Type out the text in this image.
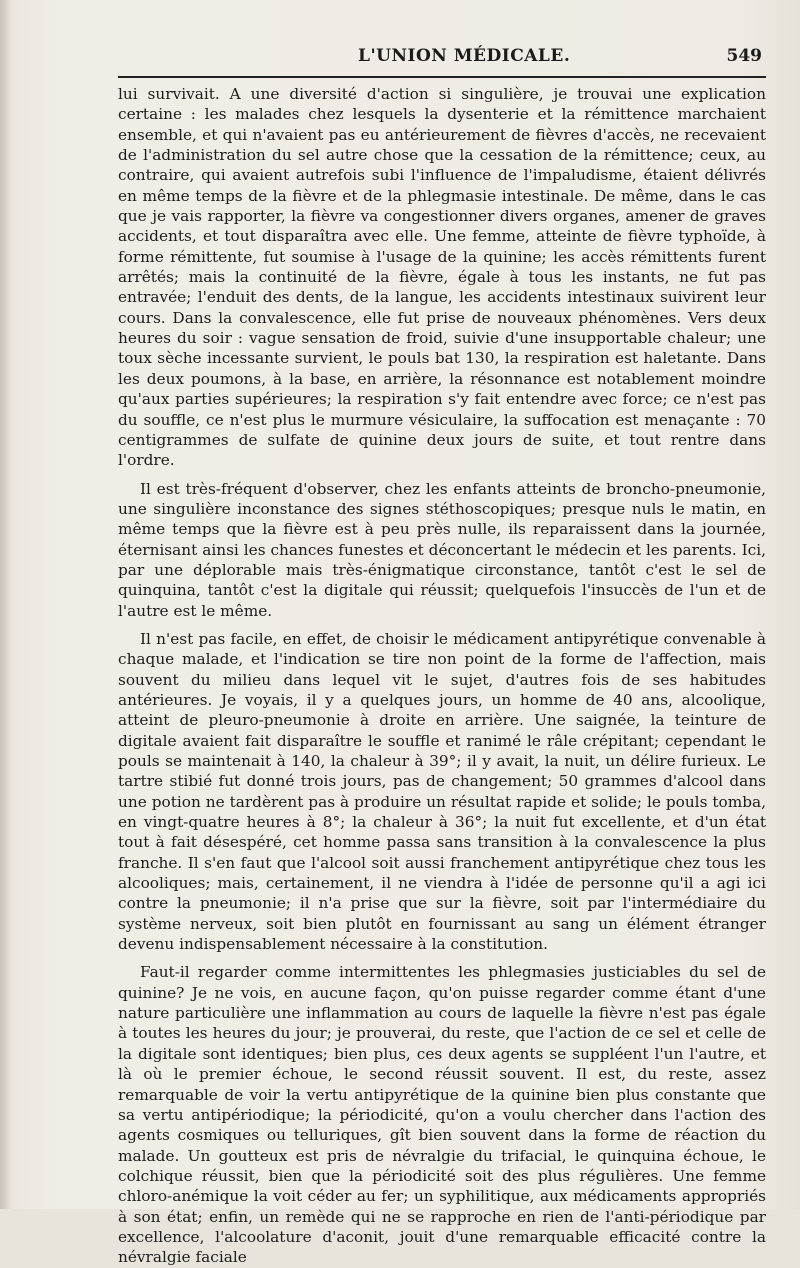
L'UNION MÉDICALE.	549

lui survivait. A une diversité d'action si singulière, je trouvai une explication certaine : les malades chez lesquels la dysenterie et la rémittence marchaient ensemble, et qui n'avaient pas eu antérieurement de fièvres d'accès, ne recevaient de l'administration du sel autre chose que la cessation de la rémittence; ceux, au contraire, qui avaient autrefois subi l'influence de l'impaludisme, étaient délivrés en même temps de la fièvre et de la phlegmasie intestinale. De même, dans le cas que je vais rapporter, la fièvre va congestionner divers organes, amener de graves accidents, et tout disparaîtra avec elle. Une femme, atteinte de fièvre typhoïde, à forme rémittente, fut soumise à l'usage de la quinine; les accès rémittents furent arrêtés; mais la continuité de la fièvre, égale à tous les instants, ne fut pas entravée; l'enduit des dents, de la langue, les accidents intestinaux suivirent leur cours. Dans la convalescence, elle fut prise de nouveaux phénomènes. Vers deux heures du soir : vague sensation de froid, suivie d'une insupportable chaleur; une toux sèche incessante survient, le pouls bat 130, la respiration est haletante. Dans les deux poumons, à la base, en arrière, la résonnance est notablement moindre qu'aux parties supérieures; la respiration s'y fait entendre avec force; ce n'est pas du souffle, ce n'est plus le murmure vésiculaire, la suffocation est menaçante : 70 centigrammes de sulfate de quinine deux jours de suite, et tout rentre dans l'ordre.

Il est très-fréquent d'observer, chez les enfants atteints de broncho-pneumonie, une singulière inconstance des signes stéthoscopiques; presque nuls le matin, en même temps que la fièvre est à peu près nulle, ils reparaissent dans la journée, éternisant ainsi les chances funestes et déconcertant le médecin et les parents. Ici, par une déplorable mais très-énigmatique circonstance, tantôt c'est le sel de quinquina, tantôt c'est la digitale qui réussit; quelquefois l'insuccès de l'un et de l'autre est le même.

Il n'est pas facile, en effet, de choisir le médicament antipyrétique convenable à chaque malade, et l'indication se tire non point de la forme de l'affection, mais souvent du milieu dans lequel vit le sujet, d'autres fois de ses habitudes antérieures. Je voyais, il y a quelques jours, un homme de 40 ans, alcoolique, atteint de pleuro-pneumonie à droite en arrière. Une saignée, la teinture de digitale avaient fait disparaître le souffle et ranimé le râle crépitant; cependant le pouls se maintenait à 140, la chaleur à 39°; il y avait, la nuit, un délire furieux. Le tartre stibié fut donné trois jours, pas de changement; 50 grammes d'alcool dans une potion ne tardèrent pas à produire un résultat rapide et solide; le pouls tomba, en vingt-quatre heures à 8°; la chaleur à 36°; la nuit fut excellente, et d'un état tout à fait désespéré, cet homme passa sans transition à la convalescence la plus franche. Il s'en faut que l'alcool soit aussi franchement antipyrétique chez tous les alcooliques; mais, certainement, il ne viendra à l'idée de personne qu'il a agi ici contre la pneumonie; il n'a prise que sur la fièvre, soit par l'intermédiaire du système nerveux, soit bien plutôt en fournissant au sang un élément étranger devenu indispensablement nécessaire à la constitution.

Faut-il regarder comme intermittentes les phlegmasies justiciables du sel de quinine? Je ne vois, en aucune façon, qu'on puisse regarder comme étant d'une nature particulière une inflammation au cours de laquelle la fièvre n'est pas égale à toutes les heures du jour; je prouverai, du reste, que l'action de ce sel et celle de la digitale sont identiques; bien plus, ces deux agents se suppléent l'un l'autre, et là où le premier échoue, le second réussit souvent. Il est, du reste, assez remarquable de voir la vertu antipyrétique de la quinine bien plus constante que sa vertu antipériodique; la périodicité, qu'on a voulu chercher dans l'action des agents cosmiques ou telluriques, gît bien souvent dans la forme de réaction du malade. Un goutteux est pris de névralgie du trifacial, le quinquina échoue, le colchique réussit, bien que la périodicité soit des plus régulières. Une femme chloro-anémique la voit céder au fer; un syphilitique, aux médicaments appropriés à son état; enfin, un remède qui ne se rapproche en rien de l'anti-périodique par excellence, l'alcoolature d'aconit, jouit d'une remarquable efficacité contre la névralgie faciale
